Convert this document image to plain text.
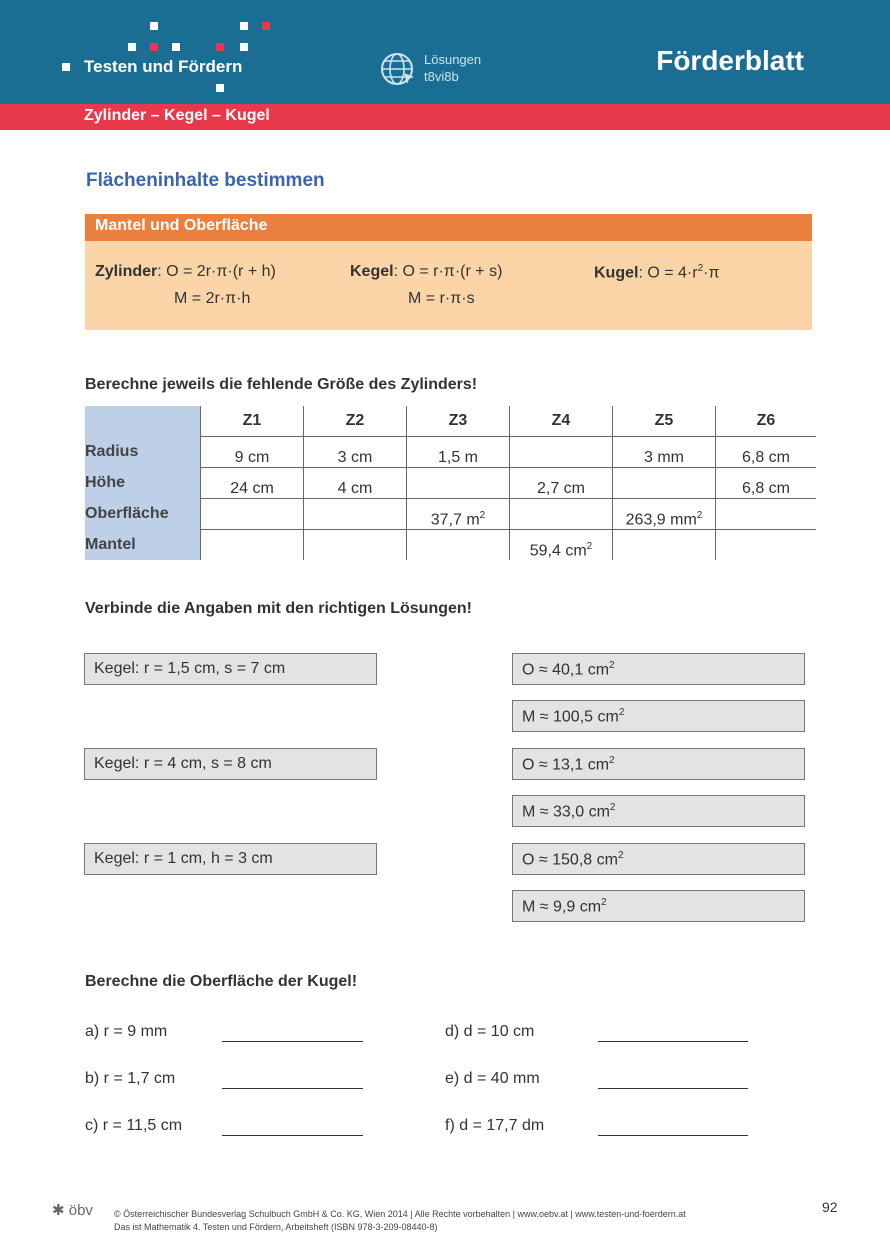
Testen und Fördern	Lösungen
t8vi8b
Förderblatt
Zylinder – Kegel – Kugel
Flächeninhalte bestimmen
Mantel und Oberfläche
Zylinder: O = 2r·π·(r + h)
M = 2r·π·h
Kegel: O = r·π·(r + s)
M = r·π·s
Kugel: $O = 4\cdot r^2\cdot\pi$
Berechne jeweils die fehlende Größe des Zylinders!
	Z1	Z2	Z3	Z4	Z5	Z6
Radius	9 cm	3 cm	1,5 m		3 mm	6,8 cm
Höhe	24 cm	4 cm		2,7 cm		6,8 cm
Oberfläche			37,7 $m^2$		263,9 $mm^2$	
Mantel				59,4 $cm^2$		
Verbinde die Angaben mit den richtigen Lösungen!
Kegel: r = 1,5 cm, s = 7 cm
Kegel: r = 4 cm, s = 8 cm
Kegel: r = 1 cm, h = 3 cm
O ≈ 40,1 $cm^2$
M ≈ 100,5 $cm^2$
O ≈ 13,1 $cm^2$
M ≈ 33,0 $cm^2$
O ≈ 150,8 $cm^2$
M ≈ 9,9 $cm^2$
Berechne die Oberfläche der Kugel!
a) r = 9 mm
b) r = 1,7 cm
c) r = 11,5 cm
d) d = 10 cm
e) d = 40 mm
f) d = 17,7 dm
✱ öbv © Österreichischer Bundesverlag Schulbuch GmbH & Co. KG, Wien 2014 | Alle Rechte vorbehalten | www.oebv.at | www.testen-und-foerdern.at
Das ist Mathematik 4. Testen und Fördern, Arbeitsheft (ISBN 978-3-209-08440-8)
92
